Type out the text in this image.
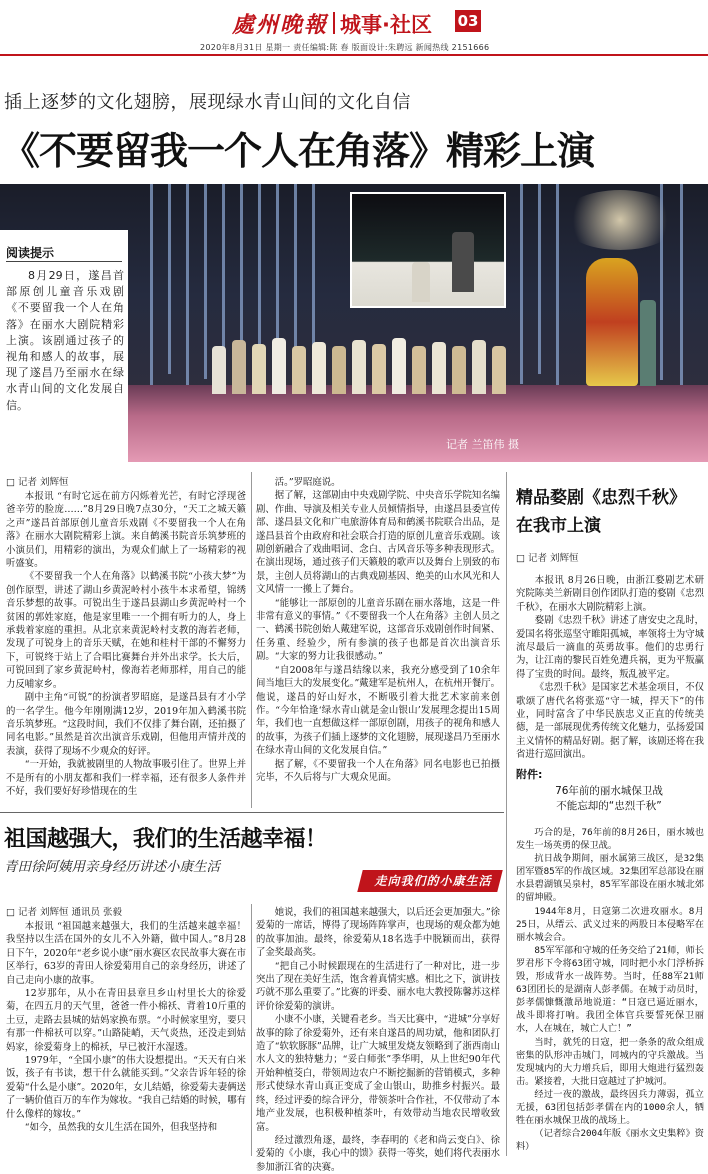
處州晚報 城事·社区 03
2020年8月31日 星期一 责任编辑:陈 春 版面设计:朱聘远 新闻热线 2151666
插上逐梦的文化翅膀，展现绿水青山间的文化自信
《不要留我一个人在角落》精彩上演
记者 兰笛伟 摄
阅读提示
8月29日，遂昌首部原创儿童音乐戏剧《不要留我一个人在角落》在丽水大剧院精彩上演。该剧通过孩子的视角和感人的故事，展现了遂昌乃至丽水在绿水青山间的文化发展自信。
□ 记者 刘辉恒

本报讯 “有时它远在前方闪烁着光芒，有时它浮现爸爸辛劳的脸庞……”8月29日晚7点30分，“天工之城天籁之声”遂昌首部原创儿童音乐戏剧《不要留我一个人在角落》在丽水大剧院精彩上演。来自鹤溪书院音乐筑梦班的小演员们，用精彩的演出，为观众们献上了一场精彩的视听盛宴。

《不要留我一个人在角落》以鹤溪书院“小孩大梦”为创作原型，讲述了湖山乡黄泥岭村小孩牛本求希望，锦绣音乐梦想的故事。可锐出生于遂昌县湖山乡黄泥岭村一个贫困的郭姓家庭，他是家里唯一一个拥有听力的人，身上承载着家庭的重担。从北京来黄泥岭村支教的海若老师，发现了可锐身上的音乐天赋，在她和桂村干部的不懈努力下，可锐终于站上了合唱比赛舞台并外出求学。长大后，可锐回到了家乡黄泥岭村，像海若老师那样，用自己的能力反哺家乡。

剧中主角“可锐”的扮演者罗昭庭，是遂昌县有才小学的一名学生。他今年刚刚满12岁，2019年加入鹤溪书院音乐筑梦班。“这段时间，我们不仅排了舞台剧，还拍摄了同名电影。”虽然是首次出演音乐戏剧，但他用声情并茂的表演，获得了现场不少观众的好评。

“一开始，我就被剧里的人物故事吸引住了。世界上并不是所有的小朋友都和我们一样幸福，还有很多人条件并不好，我们要好好珍惜现在的生

活。”罗昭庭说。

据了解，这部剧由中央戏剧学院、中央音乐学院知名编剧、作曲、导演及相关专业人员倾情指导，由遂昌县委宣传部、遂昌县文化和广电旅游体育局和鹤溪书院联合出品，是遂昌县首个由政府和社会联合打造的原创儿童音乐戏剧。该剧创新融合了戏曲唱词、念白、古风音乐等多种表现形式。在演出现场，通过孩子们天籁般的歌声以及舞台上别致的布景，主创人员将湖山的古典戏剧基因、绝美的山水风光和人文风情一一搬上了舞台。

“能够让一部原创的儿童音乐剧在丽水落地，这是一件非常有意义的事情。”《不要留我一个人在角落》主创人员之一、鹤溪书院创始人戴建军说，这部音乐戏剧创作时间紧、任务重、经验少，所有参演的孩子也都是首次出演音乐剧。“大家的努力让我很感动。”

“自2008年与遂昌结缘以来，我充分感受到了10余年间当地巨大的发展变化。”戴建军是杭州人，在杭州开餐厅。他说，遂昌的好山好水，不断吸引着大批艺术家前来创作。“今年恰逢‘绿水青山就是金山银山’发展理念提出15周年，我们也一直想做这样一部原创剧，用孩子的视角和感人的故事，为孩子们插上逐梦的文化翅膀，展现遂昌乃至丽水在绿水青山间的文化发展自信。”

据了解，《不要留我一个人在角落》同名电影也已拍摄完毕，不久后将与广大观众见面。

精品婺剧《忠烈千秋》
在我市上演
□ 记者 刘辉恒

本报讯 8月26日晚，由浙江婺剧艺术研究院陈美兰新剧目创作团队打造的婺剧《忠烈千秋》，在丽水大剧院精彩上演。

婺剧《忠烈千秋》讲述了唐安史之乱时，爱国名将张巡坚守睢阳孤城，率领将士为守城流尽最后一滴血的英勇故事。他们的忠勇行为，让江南的黎民百姓免遭兵祸，更为平叛赢得了宝贵的时间。最终，叛乱被平定。

《忠烈千秋》是国家艺术基金项目，不仅歌颂了唐代名将张巡“守一城，捍天下”的伟业，同时富含了中华民族忠义正直的传统美德，是一部展现优秀传统文化魅力，弘扬爱国主义情怀的精品好剧。据了解，该剧还将在我省进行巡回演出。

附件:
76年前的丽水城保卫战
不能忘却的“忠烈千秋”

巧合的是，76年前的8月26日，丽水城也发生一场英勇的保卫战。

抗日战争期间，丽水属第三战区，是32集团军暨85军的作战区域。32集团军总部设在丽水县碧湖镇吴泉村，85军军部设在丽水城北郊的留坤殿。

1944年8月，日寇第二次进攻丽水。8月25日，从缙云、武义过来的两股日本侵略军在丽水城会合。

85军军部和守城的任务交给了21师，师长罗君彤下令将63团守城，同时把小水门浮桥拆毁，形成背水一战阵势。当时，任88军21师63团团长的是湖南人彭孝儒。在城于动员时，彭孝儒慷慨激昂地说道：“日寇已逼近丽水，战斗即将打响。我团全体官兵要誓死保卫丽水，人在城在，城亡人亡！”

当时，就凭的日寇，把一条条的敌众组成密集的队形冲击城门，同城内的守兵激战。当发现城内的大力增兵后，即用大炮进行猛烈轰击。紧接着，大批日寇越过了护城河。

经过一夜的激战，最终因兵力薄弱，孤立无援，63团包括彭孝儒在内的1000余人，牺牲在丽水城保卫战的战场上。

（记者综合2004年版《丽水文史集粹》资料）

祖国越强大，我们的生活越幸福！
青田徐阿姨用亲身经历讲述小康生活
走向我们的小康生活
□ 记者 刘辉恒 通讯员 张毅

本报讯 “祖国越来越强大，我们的生活越来越幸福！我坚持以生活在国外的女儿不入外籍，做中国人。”8月28日下午，2020年“老乡说小康”丽水赛区农民故事大赛在市区举行，63岁的青田人徐爱菊用自己的亲身经历，讲述了自己走向小康的故事。

12岁那年，从小在青田县章旦乡山村里长大的徐爱菊，在四五月的天气里，爸爸一件小棉袄、背着10斤重的土豆，走路去县城的姑妈家换布票。“小时候家里穷，要只有那一件棉袄可以穿。”山路陡峭，天气炎热，还没走到姑妈家，徐爱菊身上的棉袄，早已被汗水湿透。

1979年，“全国小康”的伟大设想提出。“天天有白米饭，孩子有书读，想干什么就能买到。”父亲告诉年轻的徐爱菊“什么是小康”。2020年，女儿结婚，徐爱菊夫妻俩送了一辆价值百万的车作为嫁妆。“我自己结婚的时候，哪有什么像样的嫁妆。”

“如今，虽然我的女儿生活在国外，但我坚持和

她说，我们的祖国越来越强大，以后还会更加强大。”徐爱菊的一席话，博得了现场阵阵掌声，也现场的观众都为她的故事加油。最终，徐爱菊从18名选手中脱颖而出，获得了金奖最高奖。

“把自己小时候跟现在的生活进行了一种对比，进一步突出了现在美好生活，饱含着真情实感。相比之下，演讲技巧就不那么重要了。”比赛的评委、丽水电大教授陈馨苏这样评价徐爱菊的演讲。

小康不小康，关键看老乡。当天比赛中，“进城”分享好故事的除了徐爱菊外，还有来自遂昌的周功斌，他和团队打造了“软软豚豚”品牌，让广大城里发烧友领略到了浙西南山水人文的独特魅力；“妥白师张”季华明，从上世纪90年代开始种植茭白，带领周边农户不断挖掘新的营销模式，多种形式使绿水青山真正变成了金山银山，助推乡村振兴。最终，经过评委的综合评分，带领茶叶合作社，不仅带动了本地产业发展，也积极种植茶叶，有效带动当地农民增收致富。

经过激烈角逐，最终，李春明的《老和尚云变白》、徐爱菊的《小康，我心中的馈》获得一等奖，她们将代表丽水参加浙江省的决赛。
